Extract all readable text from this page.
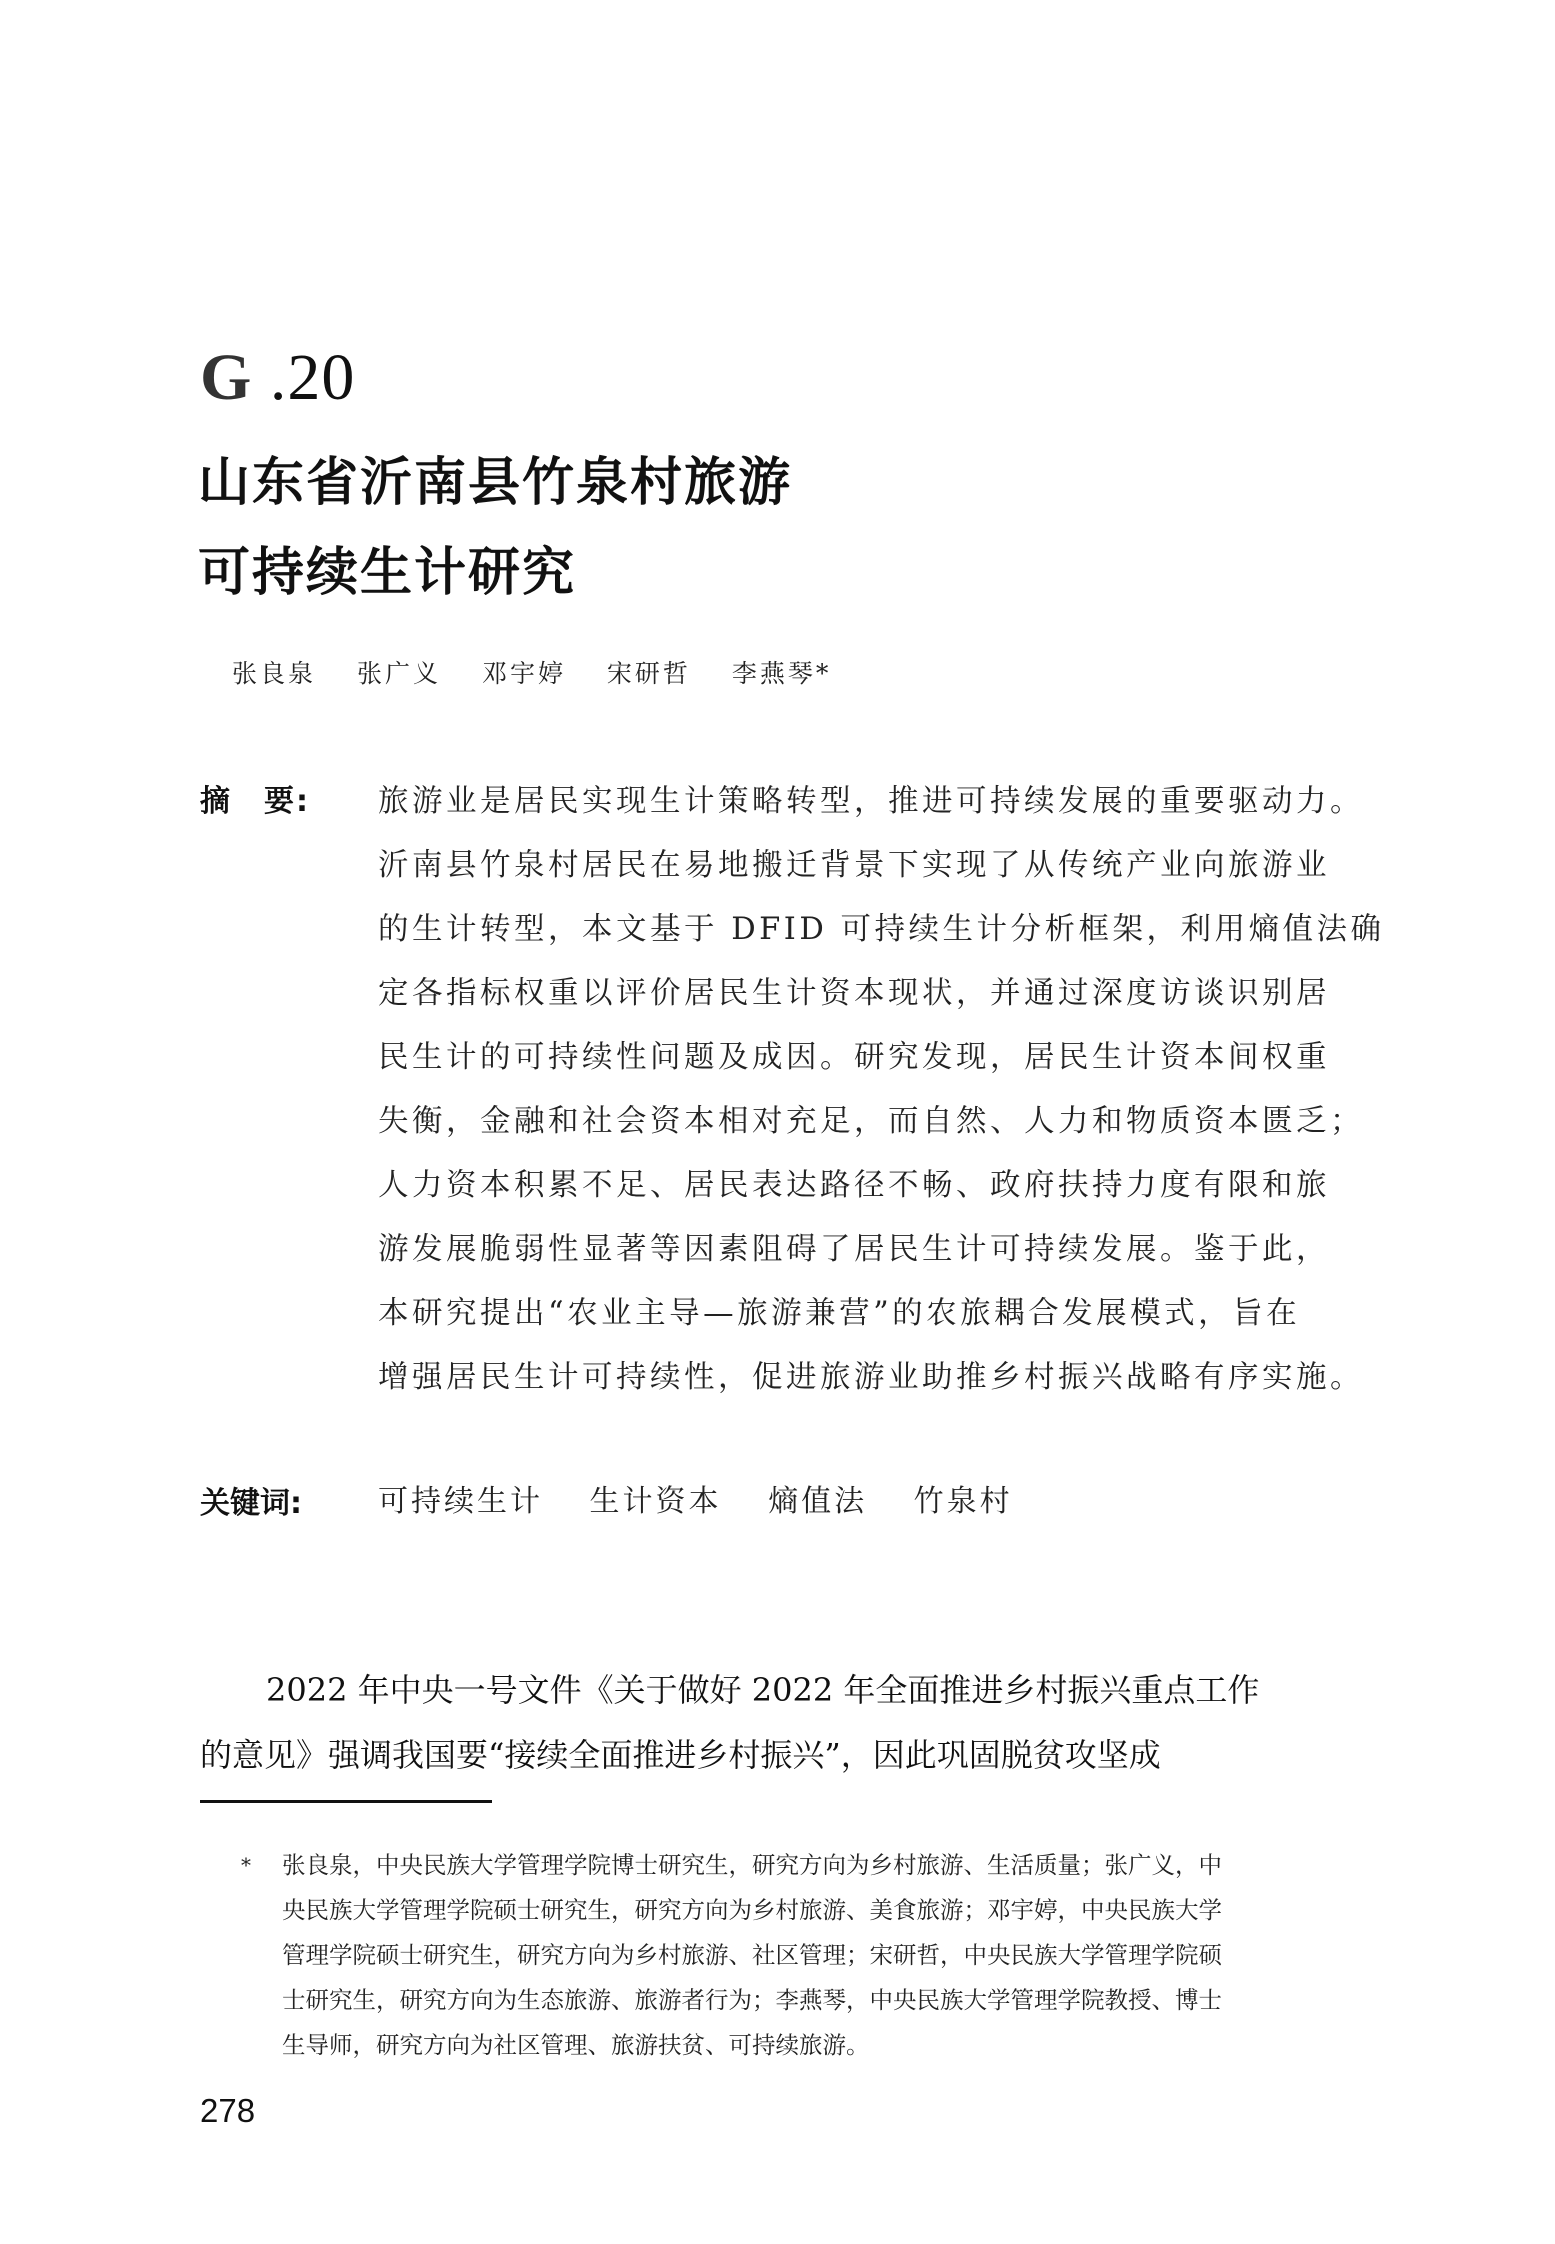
G .20
山东省沂南县竹泉村旅游
可持续生计研究
张良泉 张广义 邓宇婷 宋研哲 李燕琴*
摘　要: 旅游业是居民实现生计策略转型，推进可持续发展的重要驱动力。
沂南县竹泉村居民在易地搬迁背景下实现了从传统产业向旅游业
的生计转型，本文基于 DFID 可持续生计分析框架，利用熵值法确
定各指标权重以评价居民生计资本现状，并通过深度访谈识别居
民生计的可持续性问题及成因。研究发现，居民生计资本间权重
失衡，金融和社会资本相对充足，而自然、人力和物质资本匮乏；
人力资本积累不足、居民表达路径不畅、政府扶持力度有限和旅
游发展脆弱性显著等因素阻碍了居民生计可持续发展。鉴于此，
本研究提出“农业主导—旅游兼营”的农旅耦合发展模式，旨在
增强居民生计可持续性，促进旅游业助推乡村振兴战略有序实施。
关键词:	可持续生计 生计资本 熵值法 竹泉村
2022 年中央一号文件《关于做好 2022 年全面推进乡村振兴重点工作
的意见》强调我国要“接续全面推进乡村振兴”，因此巩固脱贫攻坚成
* 张良泉，中央民族大学管理学院博士研究生，研究方向为乡村旅游、生活质量；张广义，中
央民族大学管理学院硕士研究生，研究方向为乡村旅游、美食旅游；邓宇婷，中央民族大学
管理学院硕士研究生，研究方向为乡村旅游、社区管理；宋研哲，中央民族大学管理学院硕
士研究生，研究方向为生态旅游、旅游者行为；李燕琴，中央民族大学管理学院教授、博士
生导师，研究方向为社区管理、旅游扶贫、可持续旅游。
278
